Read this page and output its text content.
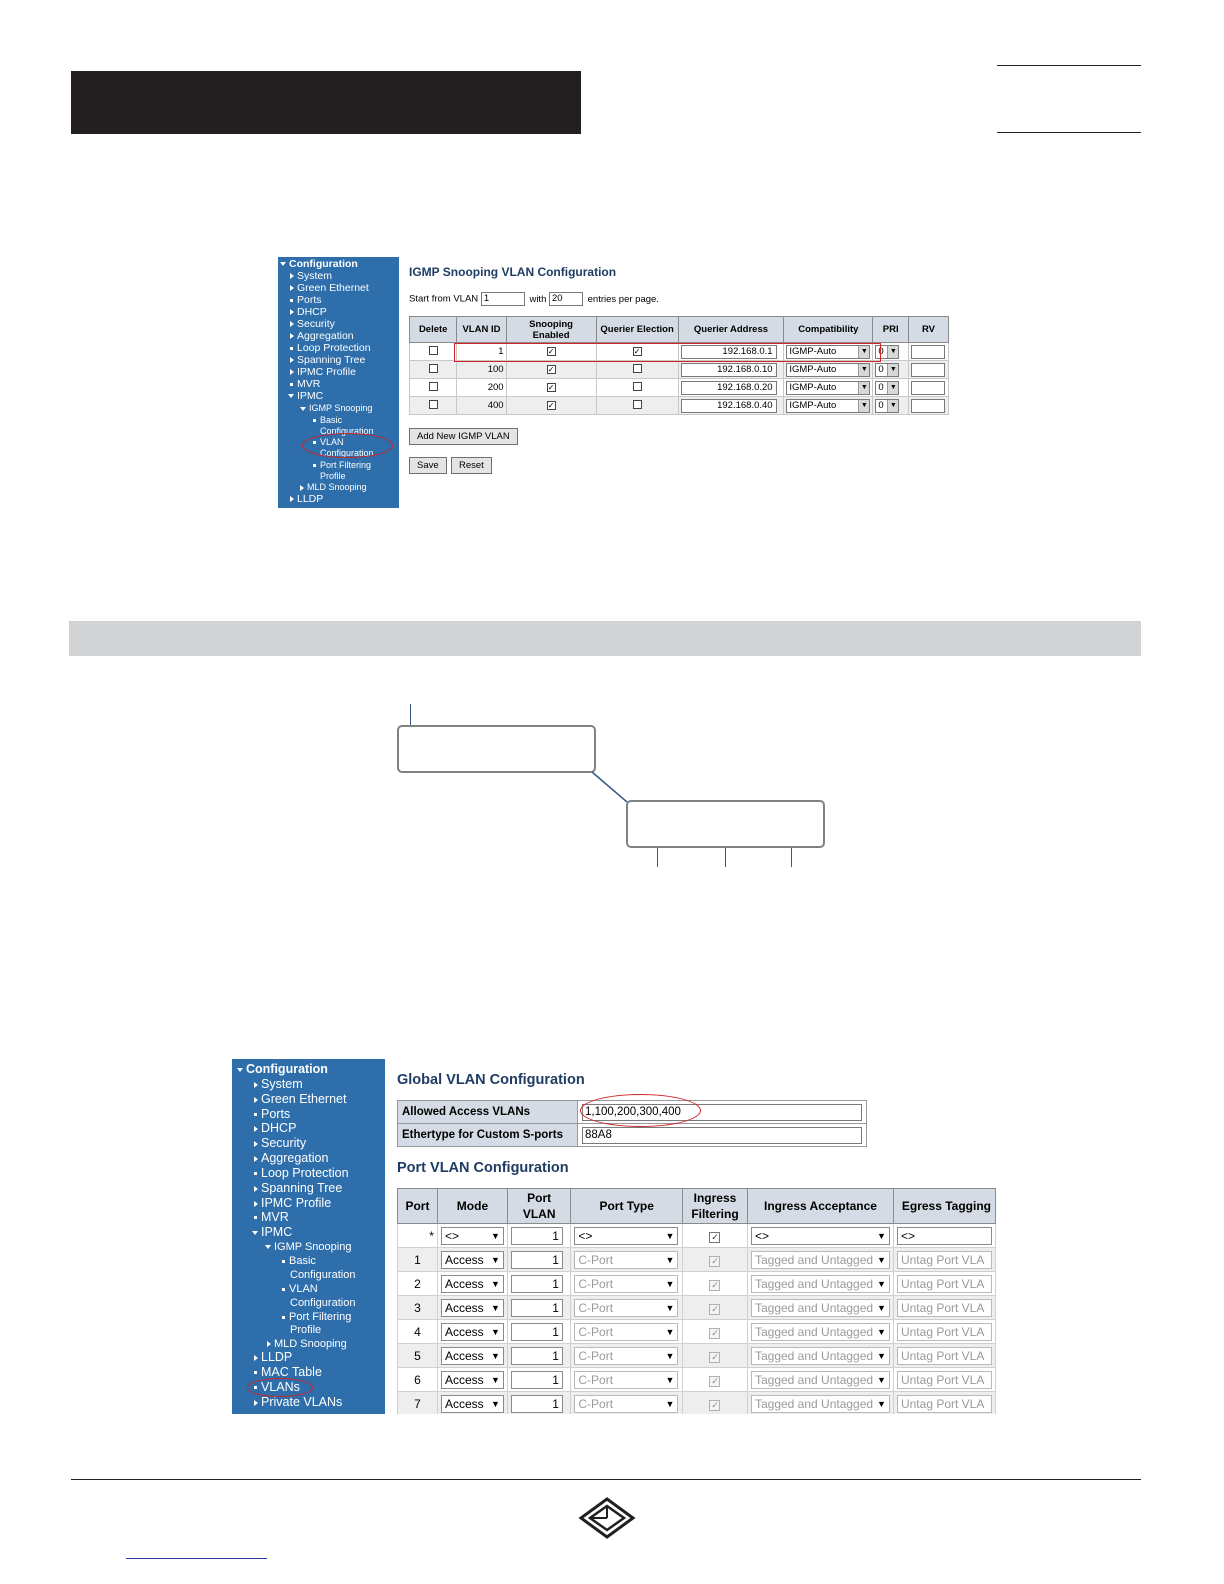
Configuration
System
Green Ethernet
Ports
DHCP
Security
Aggregation
Loop Protection
Spanning Tree
IPMC Profile
MVR
IPMC
IGMP Snooping
Basic
Configuration
VLAN
Configuration
Port Filtering
Profile
MLD Snooping
LLDP
IGMP Snooping VLAN Configuration
Start from VLAN 1	with 20	entries per page.
Delete	VLAN ID	Snooping Enabled	Querier Election	Querier Address	Compatibility	PRI	RV
	1	✓	✓	192.168.0.1	IGMP-Auto ▼	0 ▼	

	100	✓		192.168.0.10	IGMP-Auto ▼	0 ▼	

	200	✓		192.168.0.20	IGMP-Auto ▼	0 ▼	

	400	✓		192.168.0.40	IGMP-Auto ▼	0 ▼	

Add New IGMP VLAN
Save	Reset
Configuration
System
Green Ethernet
Ports
DHCP
Security
Aggregation
Loop Protection
Spanning Tree
IPMC Profile
MVR
IPMC
IGMP Snooping
Basic
Configuration
VLAN
Configuration
Port Filtering
Profile
MLD Snooping
LLDP
MAC Table
VLANs
Private VLANs
Global VLAN Configuration
Allowed Access VLANs	1,100,200,300,400

Ethertype for Custom S-ports	88A8
Port VLAN Configuration
Port	Mode	Port VLAN	Port Type	Ingress Filtering	Ingress Acceptance	Egress Tagging
*	<> ▼	1	<> ▼	✓	<> ▼	<>
1	Access ▼	1	C-Port ▼	✓	Tagged and Untagged ▼	Untag Port VLA
2	Access ▼	1	C-Port ▼	✓	Tagged and Untagged ▼	Untag Port VLA
3	Access ▼	1	C-Port ▼	✓	Tagged and Untagged ▼	Untag Port VLA
4	Access ▼	1	C-Port ▼	✓	Tagged and Untagged ▼	Untag Port VLA
5	Access ▼	1	C-Port ▼	✓	Tagged and Untagged ▼	Untag Port VLA
6	Access ▼	1	C-Port ▼	✓	Tagged and Untagged ▼	Untag Port VLA
7	Access ▼	1	C-Port ▼	✓	Tagged and Untagged ▼	Untag Port VLA
